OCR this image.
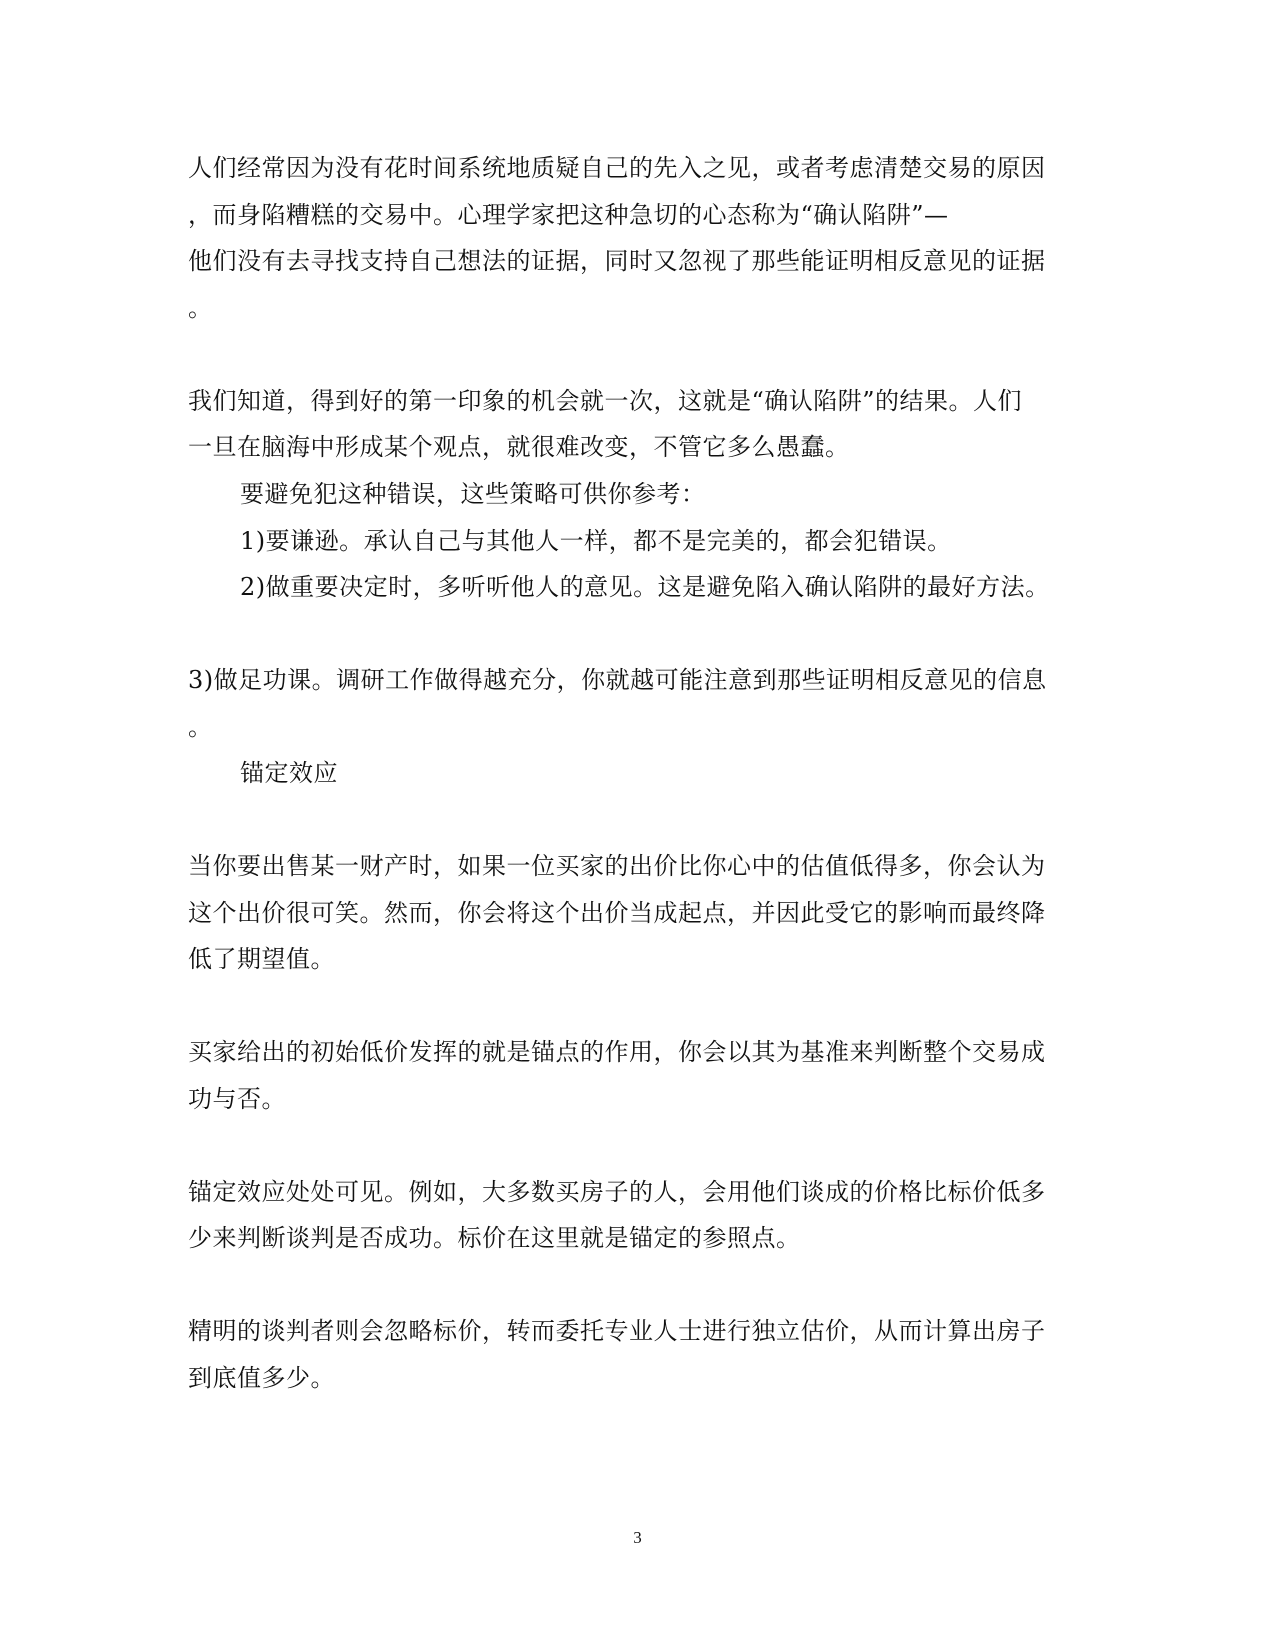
人们经常因为没有花时间系统地质疑自己的先入之见，或者考虑清楚交易的原因
，而身陷糟糕的交易中。心理学家把这种急切的心态称为“确认陷阱”—
他们没有去寻找支持自己想法的证据，同时又忽视了那些能证明相反意见的证据
。
我们知道，得到好的第一印象的机会就一次，这就是“确认陷阱”的结果。人们
一旦在脑海中形成某个观点，就很难改变，不管它多么愚蠢。
要避免犯这种错误，这些策略可供你参考：
1)要谦逊。承认自己与其他人一样，都不是完美的，都会犯错误。
2)做重要决定时，多听听他人的意见。这是避免陷入确认陷阱的最好方法。
3)做足功课。调研工作做得越充分，你就越可能注意到那些证明相反意见的信息
。
锚定效应
当你要出售某一财产时，如果一位买家的出价比你心中的估值低得多，你会认为
这个出价很可笑。然而，你会将这个出价当成起点，并因此受它的影响而最终降
低了期望值。
买家给出的初始低价发挥的就是锚点的作用，你会以其为基准来判断整个交易成
功与否。
锚定效应处处可见。例如，大多数买房子的人，会用他们谈成的价格比标价低多
少来判断谈判是否成功。标价在这里就是锚定的参照点。
精明的谈判者则会忽略标价，转而委托专业人士进行独立估价，从而计算出房子
到底值多少。
3
